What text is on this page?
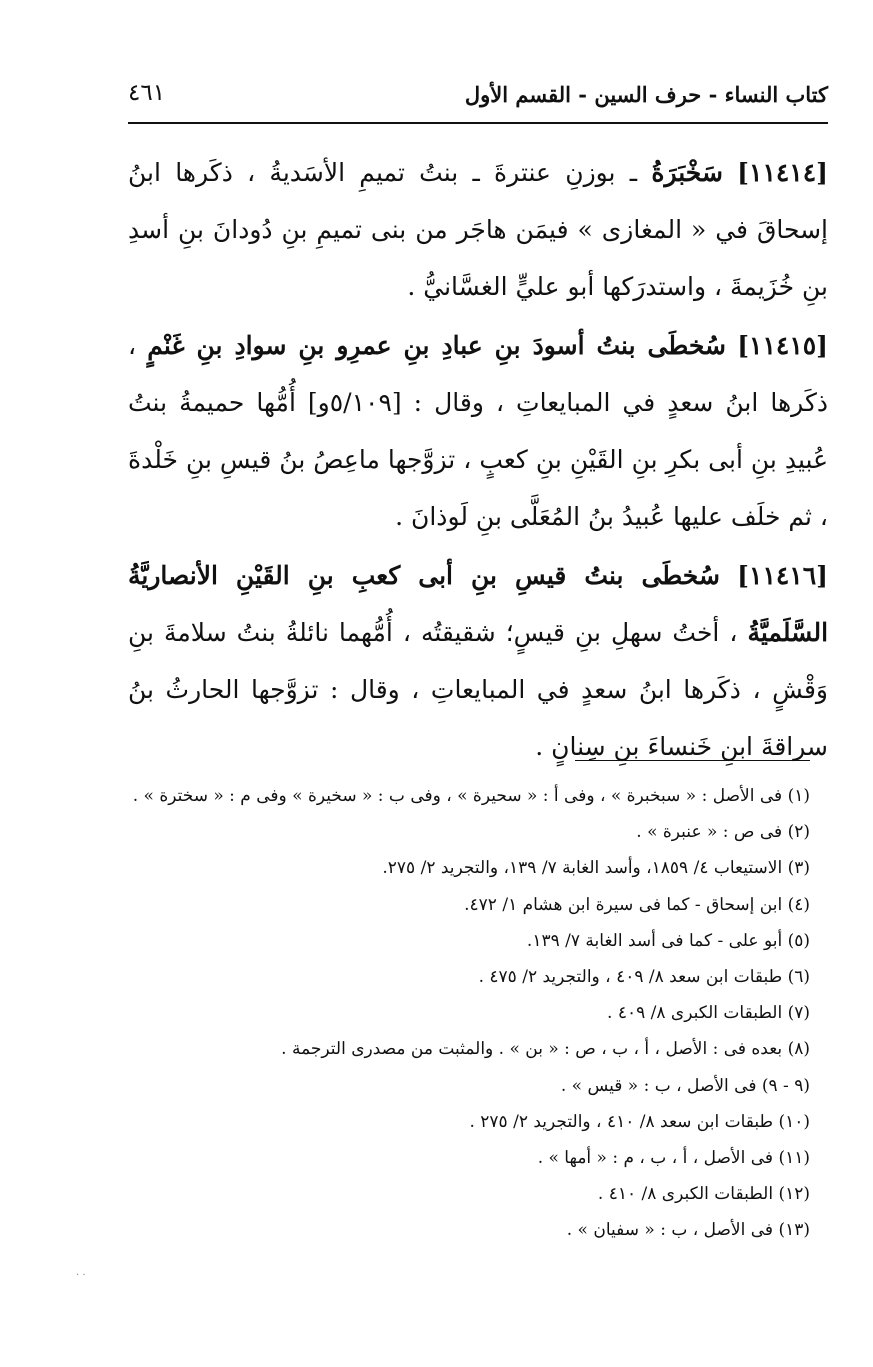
كتاب النساء - حرف السين - القسم الأول
٤٦١

[١١٤١٤] سَخْبَرَةُ ـ بوزنِ عنترةَ ـ بنتُ تميمِ الأسَديةُ ، ذكَرها ابنُ إسحاقَ في « المغازى » فيمَن هاجَر من بنى تميمِ بنِ دُودانَ بنِ أسدِ بنِ خُزَيمةَ ، واستدرَكها أبو عليٍّ الغسَّانيُّ .

[١١٤١٥] سُخطَى بنتُ أسودَ بنِ عبادِ بنِ عمرِو بنِ سوادِ بنِ غَنْمٍ ، ذكَرها ابنُ سعدٍ في المبايعاتِ ، وقال : [٥/١٠٩و] أُمُّها حميمةُ بنتُ عُبيدِ بنِ أبى بكرِ بنِ القَيْنِ بنِ كعبٍ ، تزوَّجها ماعِصُ بنُ قيسِ بنِ خَلْدةَ ، ثم خلَف عليها عُبيدُ بنُ المُعَلَّى بنِ لَوذانَ .

[١١٤١٦] سُخطَى بنتُ قيسِ بنِ أبى كعبِ بنِ القَيْنِ الأنصاريَّةُ السَّلَميَّةُ ، أختُ سهلِ بنِ قيسٍ؛ شقيقتُه ، أُمُّهما نائلةُ بنتُ سلامةَ بنِ وَقْشٍ ، ذكَرها ابنُ سعدٍ في المبايعاتِ ، وقال : تزوَّجها الحارثُ بنُ سراقةَ ابنِ خَنساءَ بنِ سِنانٍ .

(١) فى الأصل : « سبخبرة » ، وفى أ : « سحيرة » ، وفى ب : « سخيرة » وفى م : « سخترة » .
(٢) فى ص : « عنبرة » .
(٣) الاستيعاب ٤/ ١٨٥٩، وأسد الغابة ٧/ ١٣٩، والتجريد ٢/ ٢٧٥.
(٤) ابن إسحاق - كما فى سيرة ابن هشام ١/ ٤٧٢.
(٥) أبو على - كما فى أسد الغابة ٧/ ١٣٩.
(٦) طبقات ابن سعد ٨/ ٤٠٩ ، والتجريد ٢/ ٤٧٥ .
(٧) الطبقات الكبرى ٨/ ٤٠٩ .
(٨) بعده فى : الأصل ، أ ، ب ، ص : « بن » . والمثبت من مصدرى الترجمة .
(٩ - ٩) فى الأصل ، ب : « قيس » .
(١٠) طبقات ابن سعد ٨/ ٤١٠ ، والتجريد ٢/ ٢٧٥ .
(١١) فى الأصل ، أ ، ب ، م : « أمها » .
(١٢) الطبقات الكبرى ٨/ ٤١٠ .
(١٣) فى الأصل ، ب : « سفيان » .
· ·
